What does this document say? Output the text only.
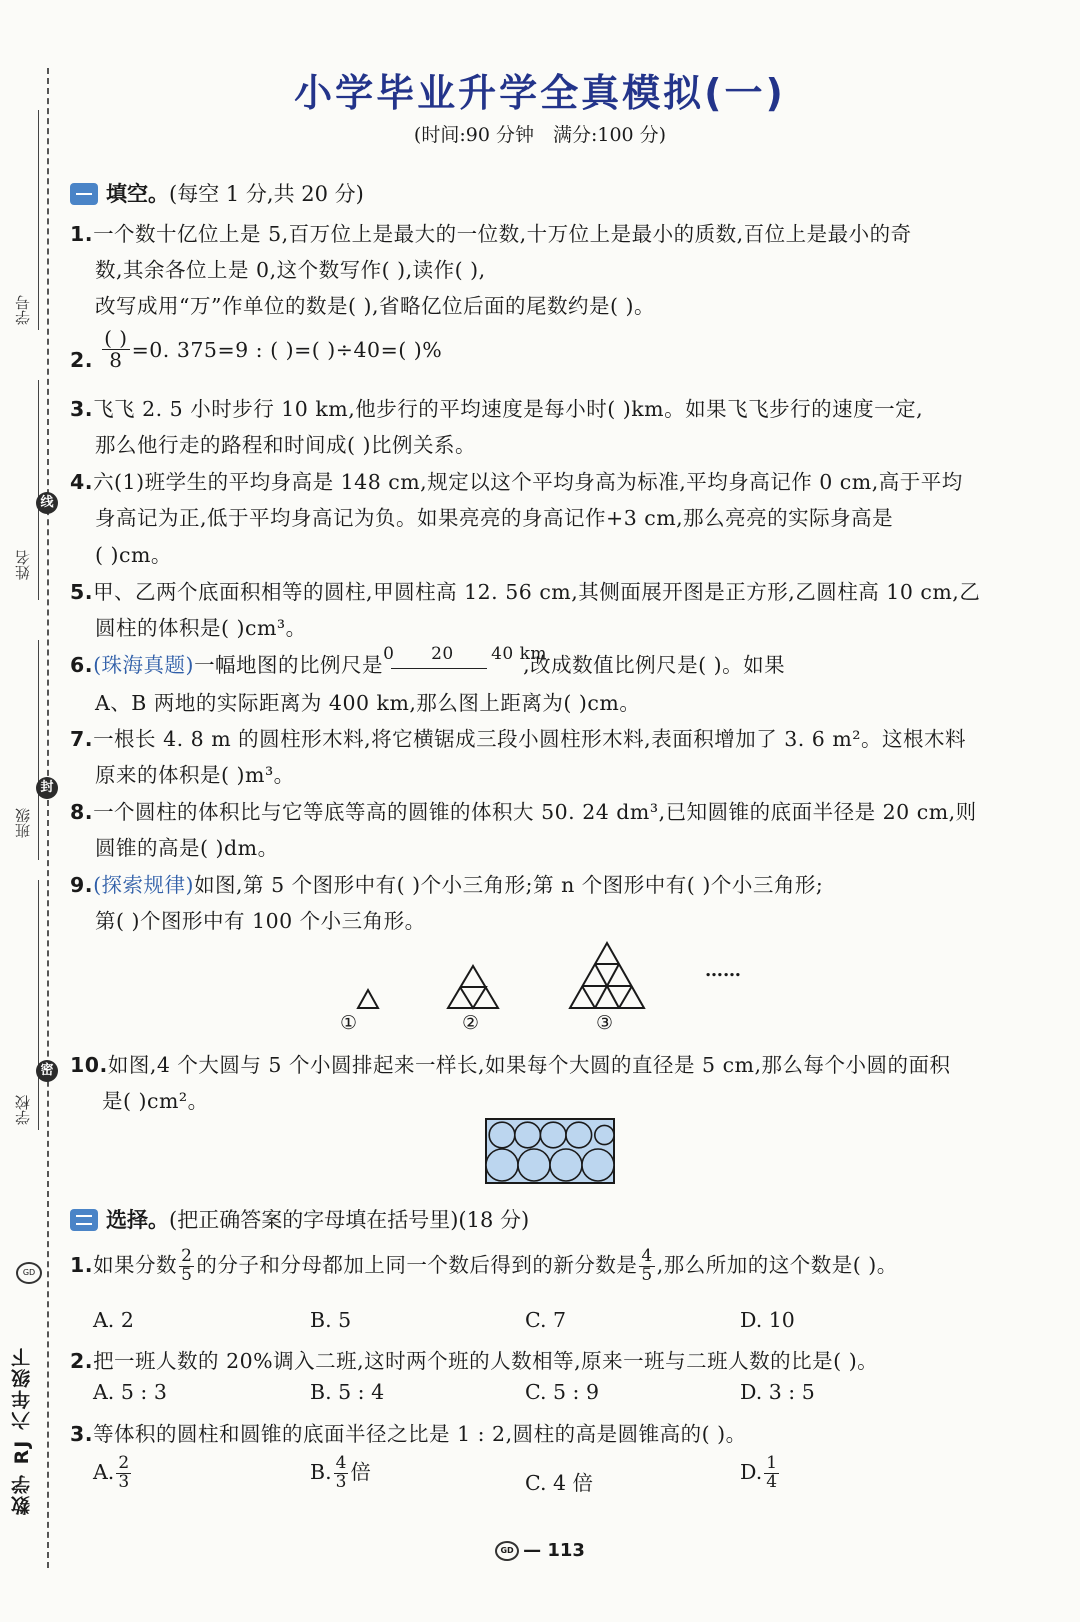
学号
姓名
班级
学校
线
封
密
GD
数学 RJ 六年级下
小学毕业升学全真模拟(一)
(时间:90 分钟　满分:100 分)
填空。(每空 1 分,共 20 分)
1.一个数十亿位上是 5,百万位上是最大的一位数,十万位上是最小的质数,百位上是最小的奇
数,其余各位上是 0,这个数写作( ),读作( ),
改写成用“万”作单位的数是( ),省略亿位后面的尾数约是( )。
2. $\frac{( )}{8} =0$. 375=9 : ( )=( )÷40=( )%
3.飞飞 2. 5 小时步行 10 km,他步行的平均速度是每小时( )km。如果飞飞步行的速度一定,
那么他行走的路程和时间成( )比例关系。
4.六(1)班学生的平均身高是 148 cm,规定以这个平均身高为标准,平均身高记作 0 cm,高于平均
身高记为正,低于平均身高记为负。如果亮亮的身高记作+3 cm,那么亮亮的实际身高是
( )cm。
5.甲、乙两个底面积相等的圆柱,甲圆柱高 12. 56 cm,其侧面展开图是正方形,乙圆柱高 10 cm,乙
圆柱的体积是( )cm³。
6.(珠海真题)一幅地图的比例尺是 0 20 40 km
,改成数值比例尺是( )。如果
A、B 两地的实际距离为 400 km,那么图上距离为( )cm。
7.一根长 4. 8 m 的圆柱形木料,将它横锯成三段小圆柱形木料,表面积增加了 3. 6 m²。这根木料
原来的体积是( )m³。
8.一个圆柱的体积比与它等底等高的圆锥的体积大 50. 24 dm³,已知圆锥的底面半径是 20 cm,则
圆锥的高是( )dm。
9.(探索规律)如图,第 5 个图形中有( )个小三角形;第 n 个图形中有( )个小三角形;
第( )个图形中有 100 个小三角形。
①	②	③
……
10.如图,4 个大圆与 5 个小圆排起来一样长,如果每个大圆的直径是 5 cm,那么每个小圆的面积
是( )cm²。
选择。(把正确答案的字母填在括号里)(18 分)
1.如果分数 $\frac{2}{5}$ 的分子和分母都加上同一个数后得到的新分数是 $\frac{4}{5}$ ,那么所加的这个数是( )。
A. 2	B. 5	C. 7	D. 10
2.把一班人数的 20%调入二班,这时两个班的人数相等,原来一班与二班人数的比是( )。
A. 5 : 3	B. 5 : 4	C. 5 : 9	D. 3 : 5
3.等体积的圆柱和圆锥的底面半径之比是 1 : 2,圆柱的高是圆锥高的( )。
A. $\frac{2}{3}$	B. $\frac{4}{3}$ 倍	C. 4 倍	D. $\frac{1}{4}$
GD — 113
